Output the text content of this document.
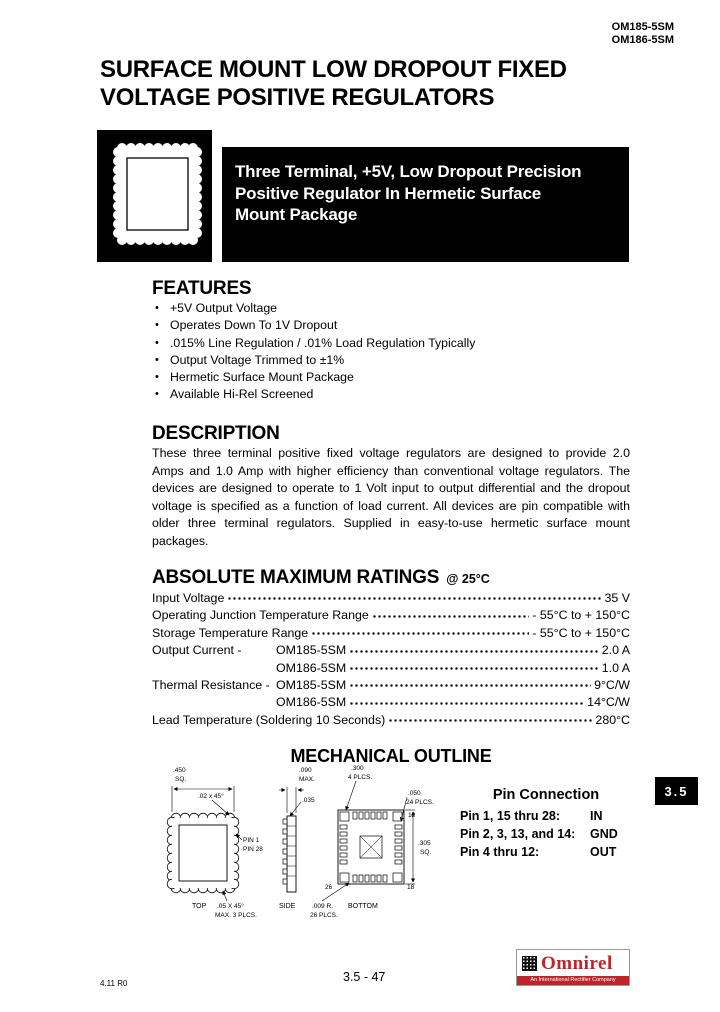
OM185-5SM
OM186-5SM
SURFACE MOUNT LOW DROPOUT FIXED
VOLTAGE POSITIVE REGULATORS
Three Terminal, +5V, Low Dropout Precision
Positive Regulator In Hermetic Surface
Mount Package
FEATURES
• +5V Output Voltage
• Operates Down To 1V Dropout
• .015% Line Regulation / .01% Load Regulation Typically
• Output Voltage Trimmed to ±1%
• Hermetic Surface Mount Package
• Available Hi-Rel Screened
DESCRIPTION
These three terminal positive fixed voltage regulators are designed to provide 2.0 Amps and 1.0 Amp with higher efficiency than conventional voltage regulators. The devices are designed to operate to 1 Volt input to output differential and the dropout voltage is specified as a function of load current. All devices are pin compatible with older three terminal regulators. Supplied in easy-to-use hermetic surface mount packages.
ABSOLUTE MAXIMUM RATINGS @ 25°C
Input Voltage	35 V
Operating Junction Temperature Range	- 55°C to + 150°C
Storage Temperature Range	- 55°C to + 150°C
Output Current -	OM185-5SM	2.0 A
OM186-5SM	1.0 A
Thermal Resistance - OM185-5SM	9°C/W
OM186-5SM	14°C/W
Lead Temperature (Soldering 10 Seconds)	280°C
MECHANICAL OUTLINE
.450
SQ.
.02 x 45°
PIN 1
PIN 28
TOP .05 X 45°
MAX. 3 PLCS.
.090
MAX.
.035
SIDE
.300
4 PLCS.
.050
24 PLCS.
12
.305
SQ.
26	18
.009 R.
26 PLCS.
BOTTOM
Pin Connection
Pin 1, 15 thru 28:	IN
Pin 2, 3, 13, and 14:	GND
Pin 4 thru 12:	OUT
3.5
4.11 R0	3.5 - 47
Omnirel
An International Rectifier Company
